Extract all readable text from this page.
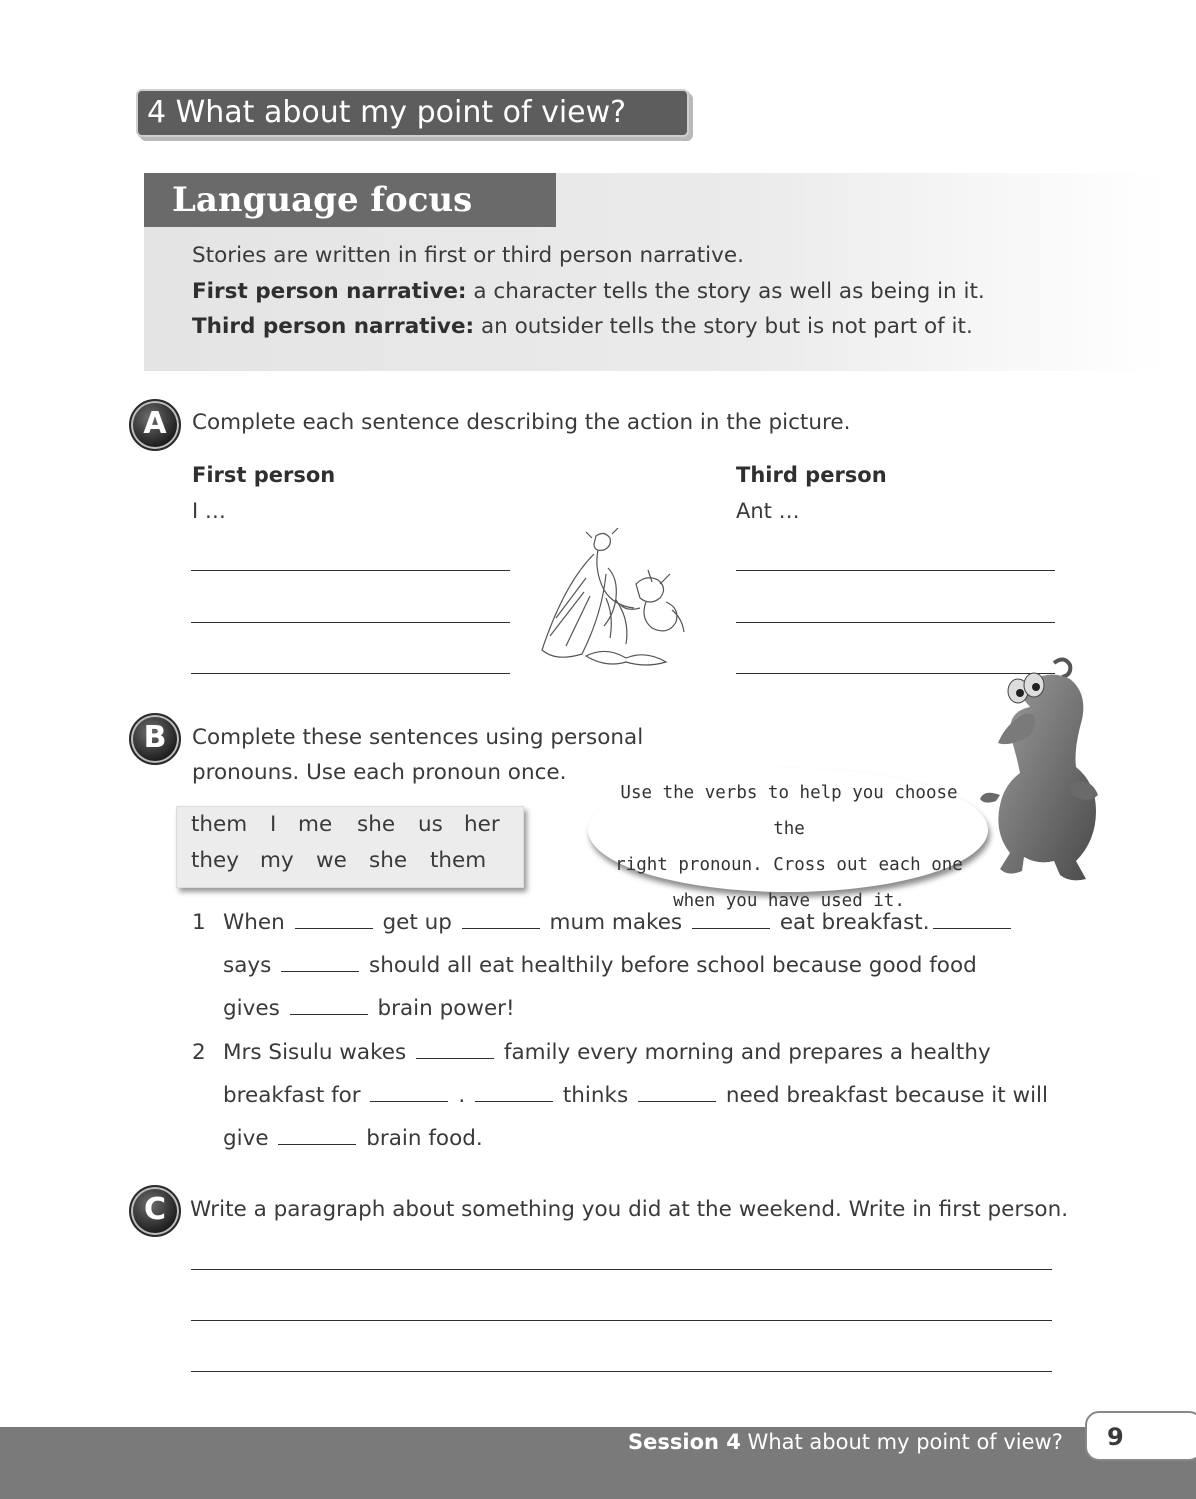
4 What about my point of view?
Language focus
Stories are written in first or third person narrative.
First person narrative: a character tells the story as well as being in it.
Third person narrative: an outsider tells the story but is not part of it.
A	Complete each sentence describing the action in the picture.
First person
I …
Third person
Ant …
B	Complete these sentences using personal
pronouns. Use each pronoun once.
them I me she us her
they my we she them
Use the verbs to help you choose the
right pronoun. Cross out each one
when you have used it.
1 When	get up	mum makes	eat breakfast.
says	should all eat healthily before school because good food
gives	brain power!
2 Mrs Sisulu wakes	family every morning and prepares a healthy
breakfast for	.	thinks	need breakfast because it will
give	brain food.
C	Write a paragraph about something you did at the weekend. Write in first person.
Session 4 What about my point of view?	9
